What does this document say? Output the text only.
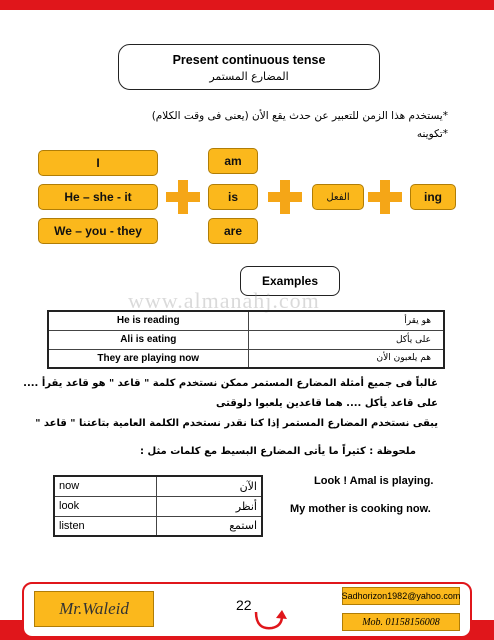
Present continuous tense
المضارع المستمر
*يستخدم هذا الزمن للتعبير عن حدث يقع الأن (يعنى فى وقت الكلام)
*تكوينه
I
He – she - it
We – you - they
am
is
are
الفعل	ing
Examples
www.almanahj.com
He is reading	هو يقرأ
Ali is eating	على يأكل
They are playing now	هم يلعبون الأن
غالباً فى جميع أمثلة المضارع المستمر ممكن نستخدم كلمة " قاعد " هو قاعد يقرأ ....
على قاعد يأكل .... هما قاعدين يلعبوا دلوقتى
يبقى نستخدم المضارع المستمر إذا كنا نقدر نستخدم الكلمة العامية بتاعتنا " قاعد "
ملحوظة : كثيراً ما يأتى المضارع البسيط مع كلمات مثل :
now	الآن
look	أنظر
listen	استمع
Look ! Amal is playing.
My mother is cooking now.
Mr.Waleid	22
Sadhorizon1982@yahoo.com
Mob. 01158156008
